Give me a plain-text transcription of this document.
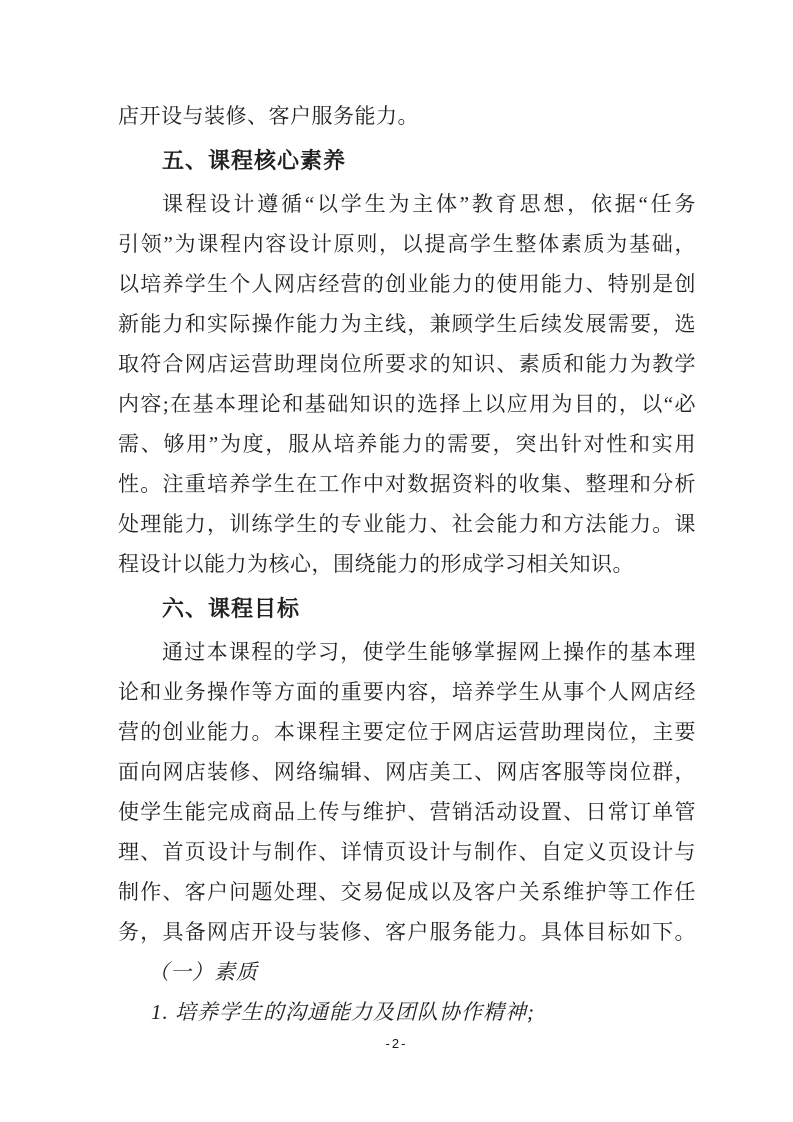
店开设与装修、客户服务能力。
五、课程核心素养
课程设计遵循“以学生为主体”教育思想，依据“任务
引领”为课程内容设计原则，以提高学生整体素质为基础，
以培养学生个人网店经营的创业能力的使用能力、特别是创
新能力和实际操作能力为主线，兼顾学生后续发展需要，选
取符合网店运营助理岗位所要求的知识、素质和能力为教学
内容;在基本理论和基础知识的选择上以应用为目的，以“必
需、够用”为度，服从培养能力的需要，突出针对性和实用
性。注重培养学生在工作中对数据资料的收集、整理和分析
处理能力，训练学生的专业能力、社会能力和方法能力。课
程设计以能力为核心，围绕能力的形成学习相关知识。
六、课程目标
通过本课程的学习，使学生能够掌握网上操作的基本理
论和业务操作等方面的重要内容，培养学生从事个人网店经
营的创业能力。本课程主要定位于网店运营助理岗位，主要
面向网店装修、网络编辑、网店美工、网店客服等岗位群，
使学生能完成商品上传与维护、营销活动设置、日常订单管
理、首页设计与制作、详情页设计与制作、自定义页设计与
制作、客户问题处理、交易促成以及客户关系维护等工作任
务，具备网店开设与装修、客户服务能力。具体目标如下。
（一）素质
1. 培养学生的沟通能力及团队协作精神;
-2-
